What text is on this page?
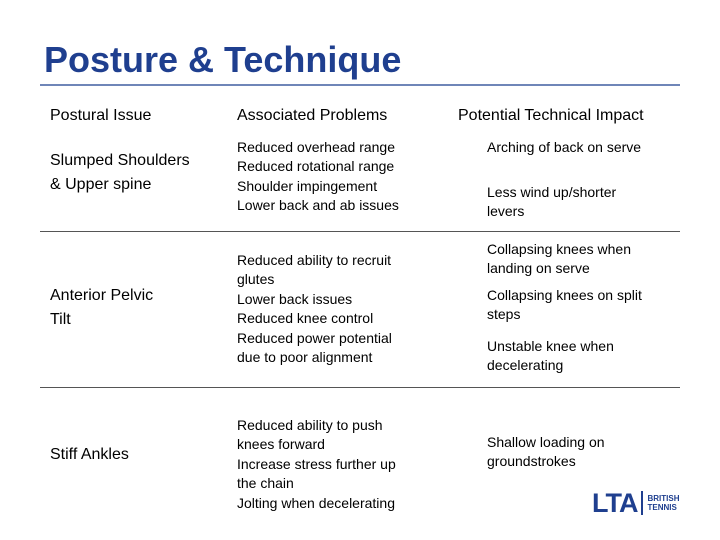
Posture & Technique
Postural Issue	Associated Problems	Potential Technical Impact
Slumped Shoulders
& Upper spine
Reduced overhead range
Reduced rotational range
Shoulder impingement
Lower back and ab issues
Arching of back on serve
Less wind up/shorter
levers
Anterior Pelvic
Tilt
Reduced ability to recruit
glutes
Lower back issues
Reduced knee control
Reduced power potential
due to poor alignment
Collapsing knees when
landing on serve
Collapsing knees on split
steps
Unstable knee when
decelerating
Stiff Ankles
Reduced ability to push
knees forward
Increase stress further up
the chain
Jolting when decelerating
Shallow loading on
groundstrokes
LTA BRITISH
TENNIS
